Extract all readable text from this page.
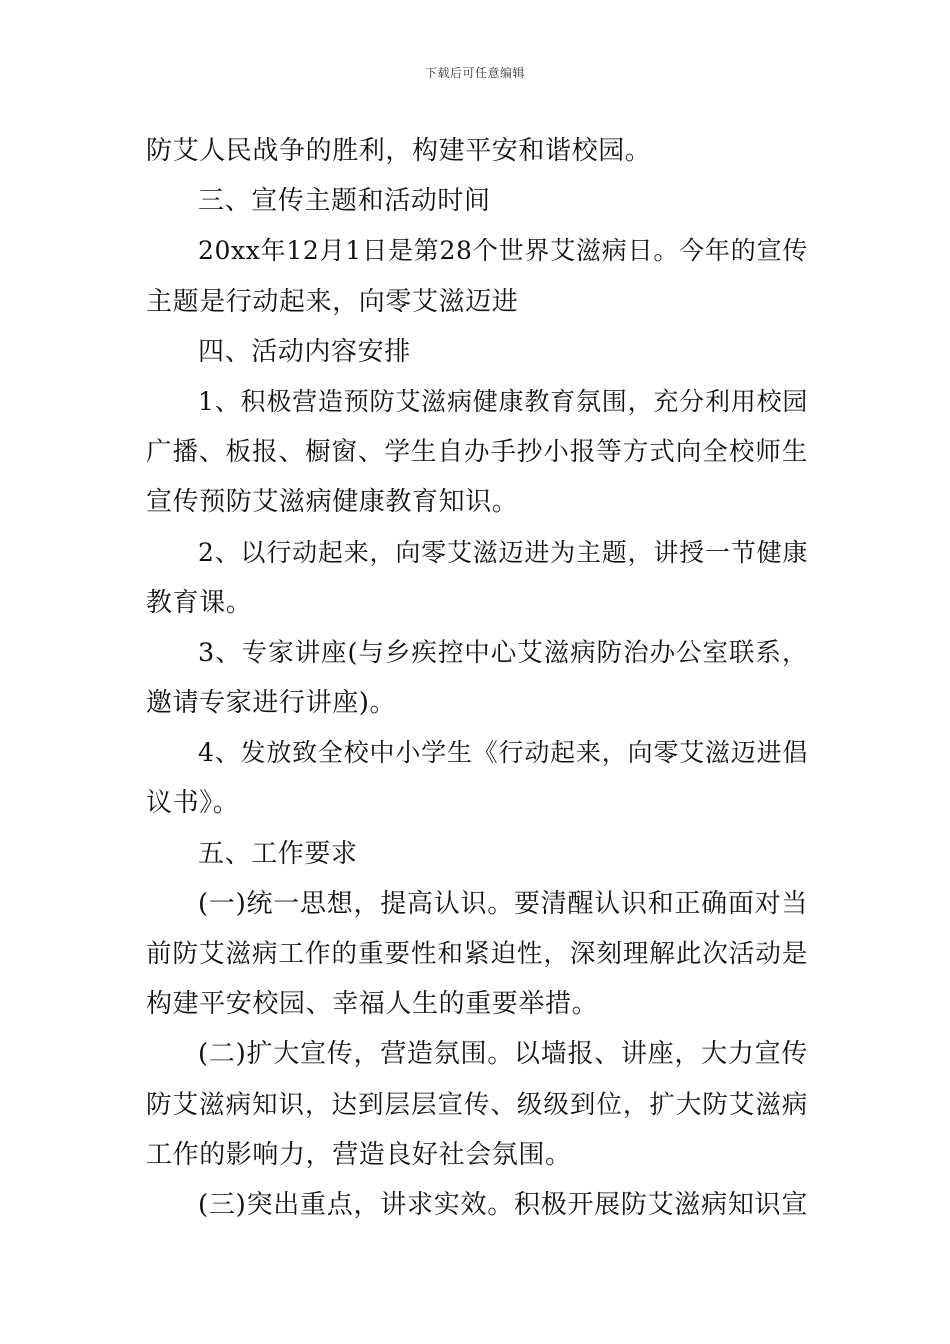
下载后可任意编辑
防艾人民战争的胜利，构建平安和谐校园。
三、宣传主题和活动时间
20xx年12月1日是第28个世界艾滋病日。今年的宣传
主题是行动起来，向零艾滋迈进
四、活动内容安排
1、积极营造预防艾滋病健康教育氛围，充分利用校园
广播、板报、橱窗、学生自办手抄小报等方式向全校师生
宣传预防艾滋病健康教育知识。
2、以行动起来，向零艾滋迈进为主题，讲授一节健康
教育课。
3、专家讲座(与乡疾控中心艾滋病防治办公室联系，
邀请专家进行讲座)。
4、发放致全校中小学生《行动起来，向零艾滋迈进倡
议书》。
五、工作要求
(一)统一思想，提高认识。要清醒认识和正确面对当
前防艾滋病工作的重要性和紧迫性，深刻理解此次活动是
构建平安校园、幸福人生的重要举措。
(二)扩大宣传，营造氛围。以墙报、讲座，大力宣传
防艾滋病知识，达到层层宣传、级级到位，扩大防艾滋病
工作的影响力，营造良好社会氛围。
(三)突出重点，讲求实效。积极开展防艾滋病知识宣
